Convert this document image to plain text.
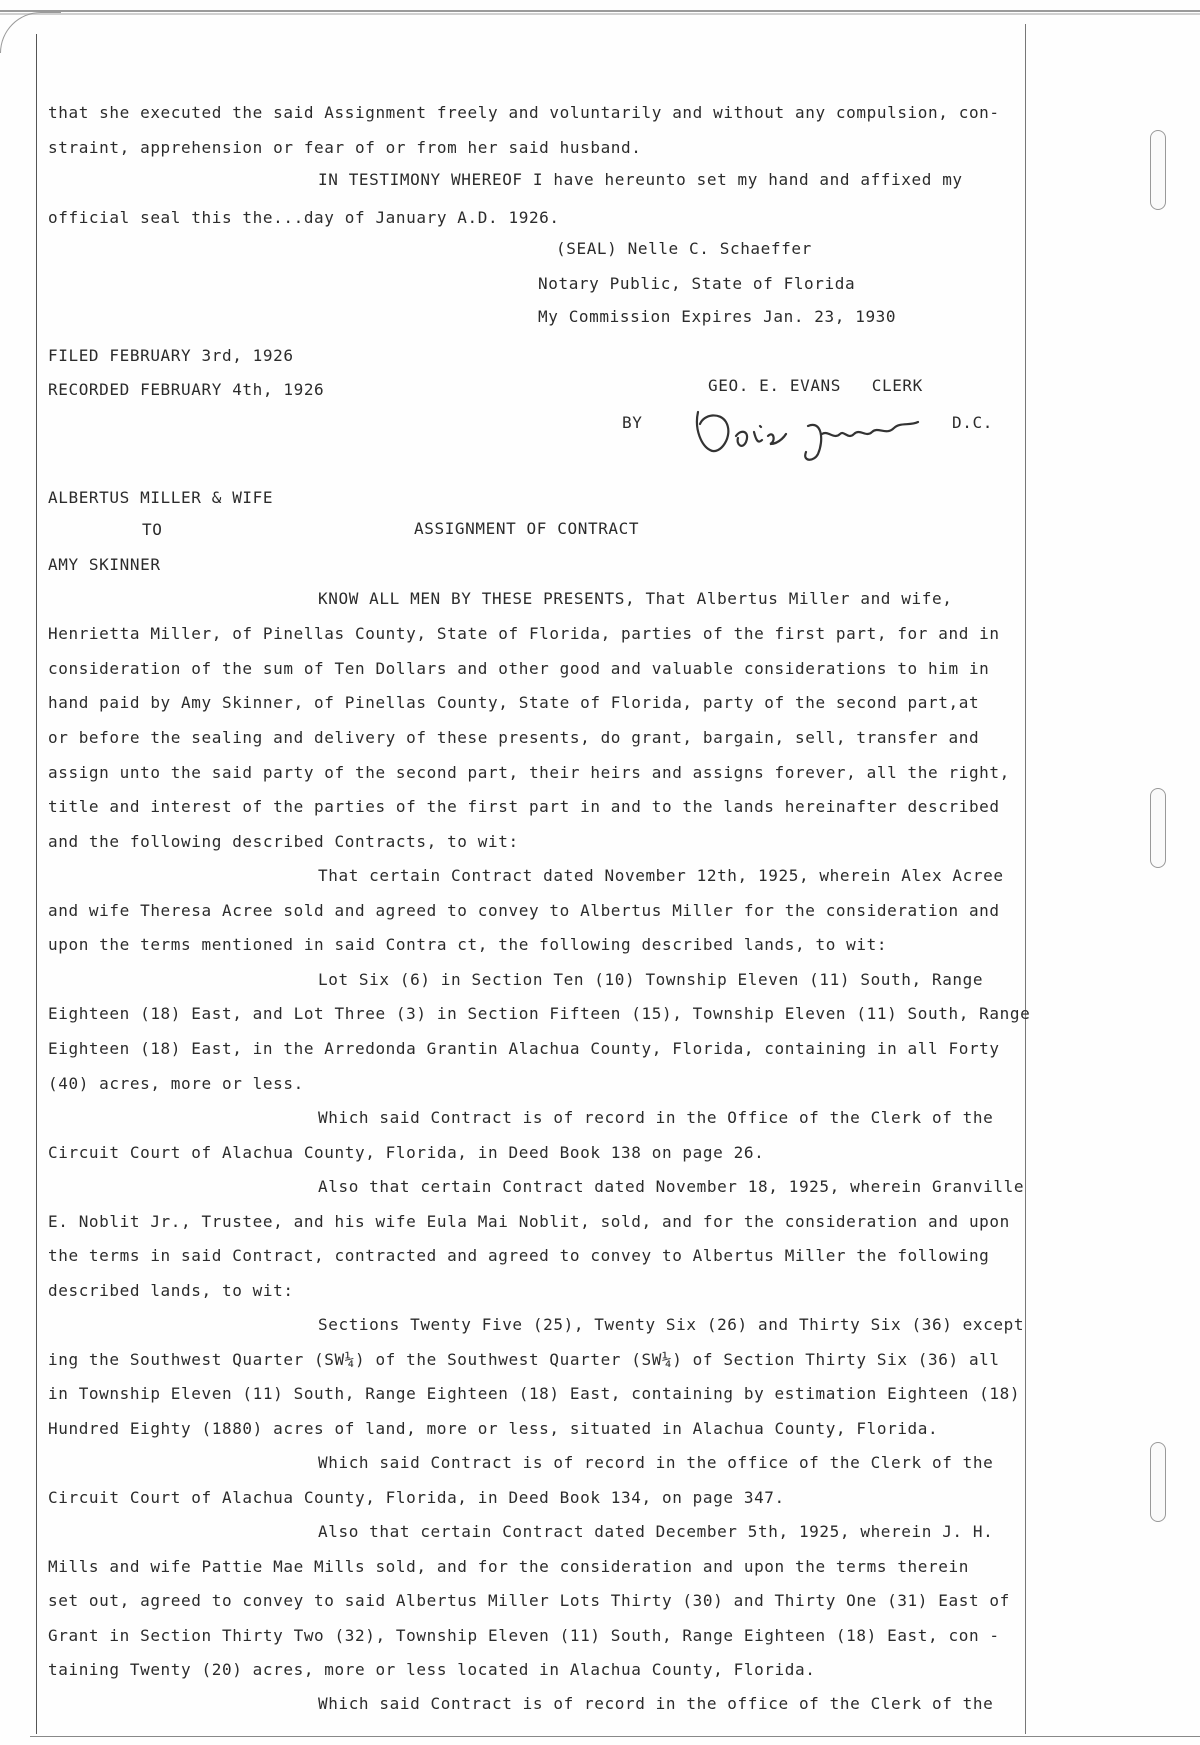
that she executed the said Assignment freely and voluntarily and without any compulsion, con-
straint, apprehension or fear of or from her said husband.
IN TESTIMONY WHEREOF I have hereunto set my hand and affixed my
official seal this the...day of January A.D. 1926.
(SEAL) Nelle C. Schaeffer
Notary Public, State of Florida
My Commission Expires Jan. 23, 1930
FILED FEBRUARY 3rd, 1926
RECORDED FEBRUARY 4th, 1926	GEO. E. EVANS   CLERK
BY	D.C.
ALBERTUS MILLER & WIFE
TO	ASSIGNMENT OF CONTRACT
AMY SKINNER
KNOW ALL MEN BY THESE PRESENTS, That Albertus Miller and wife,
Henrietta Miller, of Pinellas County, State of Florida, parties of the first part, for and in
consideration of the sum of Ten Dollars and other good and valuable considerations to him in
hand paid by Amy Skinner, of Pinellas County, State of Florida, party of the second part,at
or before the sealing and delivery of these presents, do grant, bargain, sell, transfer and
assign unto the said party of the second part, their heirs and assigns forever, all the right,
title and interest of the parties of the first part in and to the lands hereinafter described
and the following described Contracts, to wit:
That certain Contract dated November 12th, 1925, wherein Alex Acree
and wife Theresa Acree sold and agreed to convey to Albertus Miller for the consideration and
upon the terms mentioned in said Contra ct, the following described lands, to wit:
Lot Six (6) in Section Ten (10) Township Eleven (11) South, Range
Eighteen (18) East, and Lot Three (3) in Section Fifteen (15), Township Eleven (11) South, Range
Eighteen (18) East, in the Arredonda Grantin Alachua County, Florida, containing in all Forty
(40) acres, more or less.
Which said Contract is of record in the Office of the Clerk of the
Circuit Court of Alachua County, Florida, in Deed Book 138 on page 26.
Also that certain Contract dated November 18, 1925, wherein Granville
E. Noblit Jr., Trustee, and his wife Eula Mai Noblit, sold, and for the consideration and upon
the terms in said Contract, contracted and agreed to convey to Albertus Miller the following
described lands, to wit:
Sections Twenty Five (25), Twenty Six (26) and Thirty Six (36) except
ing the Southwest Quarter (SW¼) of the Southwest Quarter (SW¼) of Section Thirty Six (36) all
in Township Eleven (11) South, Range Eighteen (18) East, containing by estimation Eighteen (18)
Hundred Eighty (1880) acres of land, more or less, situated in Alachua County, Florida.
Which said Contract is of record in the office of the Clerk of the
Circuit Court of Alachua County, Florida, in Deed Book 134, on page 347.
Also that certain Contract dated December 5th, 1925, wherein J. H.
Mills and wife Pattie Mae Mills sold, and for the consideration and upon the terms therein
set out, agreed to convey to said Albertus Miller Lots Thirty (30) and Thirty One (31) East of
Grant in Section Thirty Two (32), Township Eleven (11) South, Range Eighteen (18) East, con -
taining Twenty (20) acres, more or less located in Alachua County, Florida.
Which said Contract is of record in the office of the Clerk of the
